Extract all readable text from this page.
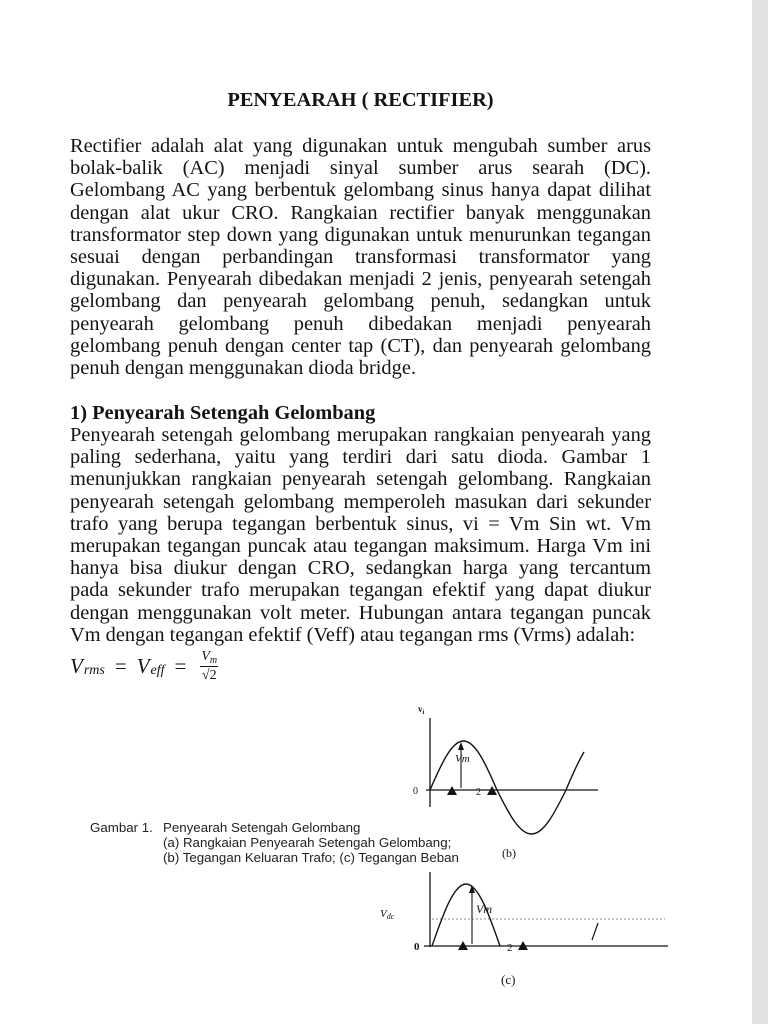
PENYEARAH ( RECTIFIER)
Rectifier adalah alat yang digunakan untuk mengubah sumber arus
bolak-balik (AC) menjadi sinyal sumber arus searah (DC).
Gelombang AC yang berbentuk gelombang sinus hanya dapat dilihat
dengan alat ukur CRO. Rangkaian rectifier banyak menggunakan
transformator step down yang digunakan untuk menurunkan tegangan
sesuai dengan perbandingan transformasi transformator yang
digunakan. Penyearah dibedakan menjadi 2 jenis, penyearah setengah
gelombang dan penyearah gelombang penuh, sedangkan untuk
penyearah gelombang penuh dibedakan menjadi penyearah
gelombang penuh dengan center tap (CT), dan penyearah gelombang
penuh dengan menggunakan dioda bridge.
1) Penyearah Setengah Gelombang
Penyearah setengah gelombang merupakan rangkaian penyearah yang
paling sederhana, yaitu yang terdiri dari satu dioda. Gambar 1
menunjukkan rangkaian penyearah setengah gelombang. Rangkaian
penyearah setengah gelombang memperoleh masukan dari sekunder
trafo yang berupa tegangan berbentuk sinus, vi = Vm Sin wt. Vm
merupakan tegangan puncak atau tegangan maksimum. Harga Vm ini
hanya bisa diukur dengan CRO, sedangkan harga yang tercantum
pada sekunder trafo merupakan tegangan efektif yang dapat diukur
dengan menggunakan volt meter. Hubungan antara tegangan puncak
Vm dengan tegangan efektif (Veff) atau tegangan rms (Vrms) adalah:
V rms = V eff = $\frac{V_m}{√2}$
Gambar 1. Penyearah Setengah Gelombang
(a) Rangkaian Penyearah Setengah Gelombang;
(b) Tegangan Keluaran Trafo; (c) Tegangan Beban
$v_i$
Vm
0	2
(b)
Vm
Vdc
0	2
(c)
